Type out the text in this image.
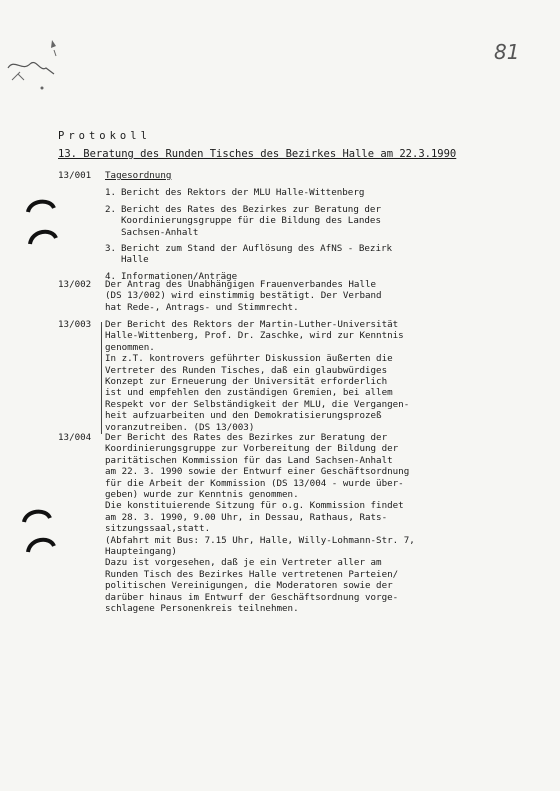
81
Protokoll
13. Beratung des Runden Tisches des Bezirkes Halle am 22.3.1990
13/001 Tagesordnung
1. Bericht des Rektors der MLU Halle-Wittenberg
2. Bericht des Rates des Bezirkes zur Beratung der
Koordinierungsgruppe für die Bildung des Landes
Sachsen-Anhalt
3. Bericht zum Stand der Auflösung des AfNS - Bezirk
Halle
4. Informationen/Anträge
13/002 Der Antrag des Unabhängigen Frauenverbandes Halle
(DS 13/002) wird einstimmig bestätigt. Der Verband
hat Rede-, Antrags- und Stimmrecht.
13/003 Der Bericht des Rektors der Martin-Luther-Universität
Halle-Wittenberg, Prof. Dr. Zaschke, wird zur Kenntnis
genommen.
In z.T. kontrovers geführter Diskussion äußerten die
Vertreter des Runden Tisches, daß ein glaubwürdiges
Konzept zur Erneuerung der Universität erforderlich
ist und empfehlen den zuständigen Gremien, bei allem
Respekt vor der Selbständigkeit der MLU, die Vergangen-
heit aufzuarbeiten und den Demokratisierungsprozeß
voranzutreiben. (DS 13/003)
13/004 Der Bericht des Rates des Bezirkes zur Beratung der
Koordinierungsgruppe zur Vorbereitung der Bildung der
paritätischen Kommission für das Land Sachsen-Anhalt
am 22. 3. 1990 sowie der Entwurf einer Geschäftsordnung
für die Arbeit der Kommission (DS 13/004 - wurde über-
geben) wurde zur Kenntnis genommen.
Die konstituierende Sitzung für o.g. Kommission findet
am 28. 3. 1990, 9.00 Uhr, in Dessau, Rathaus, Rats-
sitzungssaal,statt.
(Abfahrt mit Bus: 7.15 Uhr, Halle, Willy-Lohmann-Str. 7,
Haupteingang)
Dazu ist vorgesehen, daß je ein Vertreter aller am
Runden Tisch des Bezirkes Halle vertretenen Parteien/
politischen Vereinigungen, die Moderatoren sowie der
darüber hinaus im Entwurf der Geschäftsordnung vorge-
schlagene Personenkreis teilnehmen.
